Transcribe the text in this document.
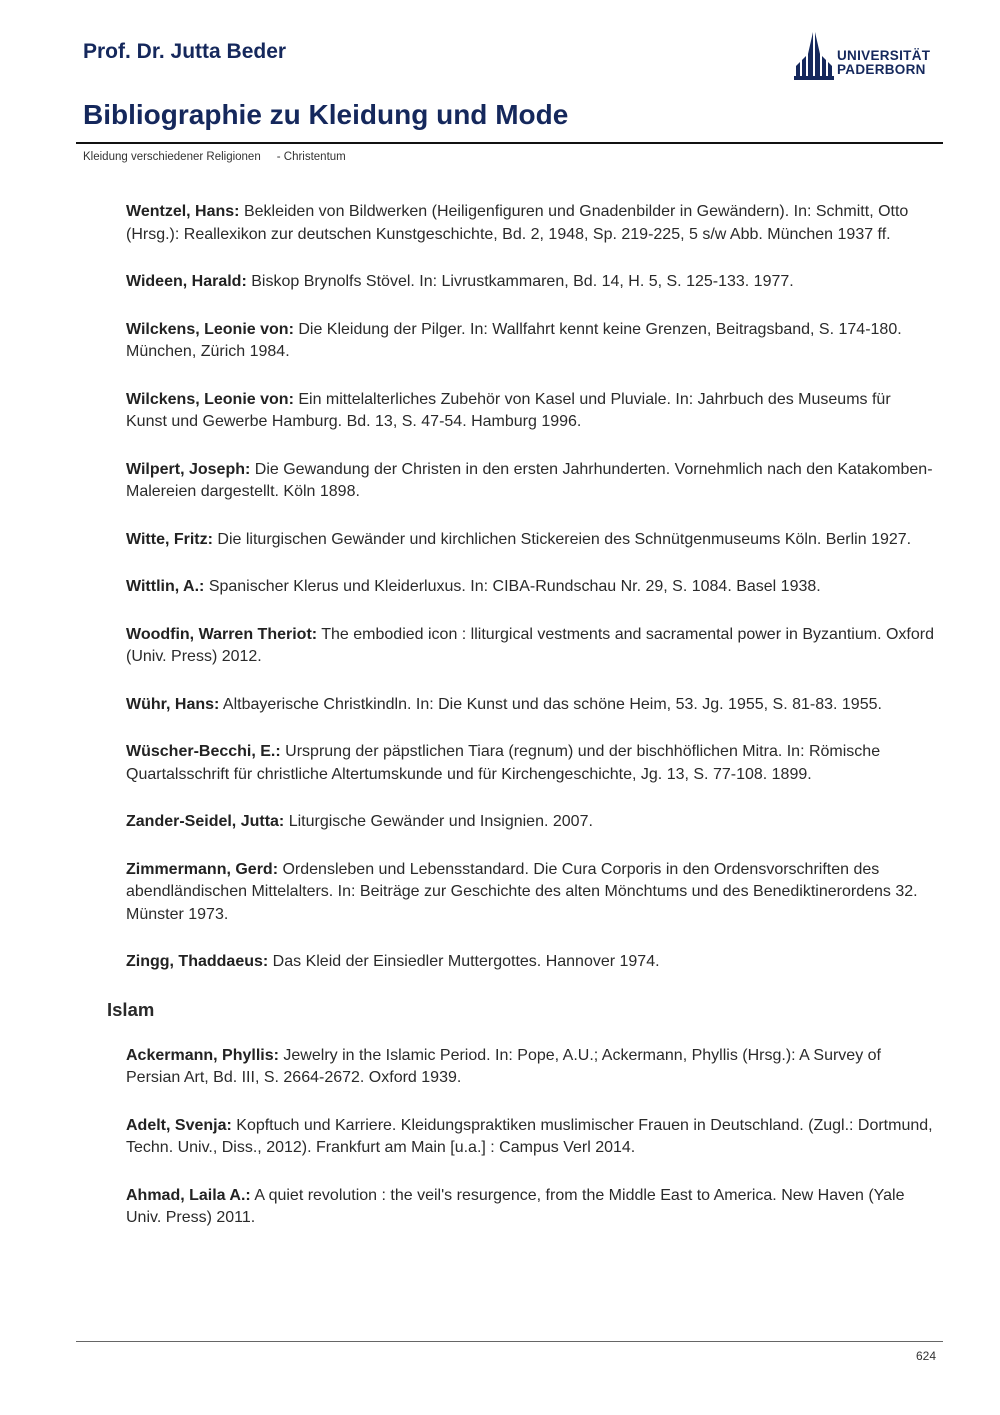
Prof. Dr. Jutta Beder	UNIVERSITÄT
PADERBORN
Bibliographie zu Kleidung und Mode
Kleidung verschiedener Religionen - Christentum
Wentzel, Hans: Bekleiden von Bildwerken (Heiligenfiguren und Gnadenbilder in Gewändern). In: Schmitt, Otto (Hrsg.): Reallexikon zur deutschen Kunstgeschichte, Bd. 2, 1948, Sp. 219-225, 5 s/w Abb. München 1937 ff.
Wideen, Harald: Biskop Brynolfs Stövel. In: Livrustkammaren, Bd. 14, H. 5, S. 125-133. 1977.
Wilckens, Leonie von: Die Kleidung der Pilger. In: Wallfahrt kennt keine Grenzen, Beitragsband, S. 174-180. München, Zürich 1984.
Wilckens, Leonie von: Ein mittelalterliches Zubehör von Kasel und Pluviale. In: Jahrbuch des Museums für Kunst und Gewerbe Hamburg. Bd. 13, S. 47-54. Hamburg 1996.
Wilpert, Joseph: Die Gewandung der Christen in den ersten Jahrhunderten. Vornehmlich nach den Katakomben-Malereien dargestellt. Köln 1898.
Witte, Fritz: Die liturgischen Gewänder und kirchlichen Stickereien des Schnütgenmuseums Köln. Berlin 1927.
Wittlin, A.: Spanischer Klerus und Kleiderluxus. In: CIBA-Rundschau Nr. 29, S. 1084. Basel 1938.
Woodfin, Warren Theriot: The embodied icon : lliturgical vestments and sacramental power in Byzantium. Oxford (Univ. Press) 2012.
Wühr, Hans: Altbayerische Christkindln. In: Die Kunst und das schöne Heim, 53. Jg. 1955, S. 81-83. 1955.
Wüscher-Becchi, E.: Ursprung der päpstlichen Tiara (regnum) und der bischhöflichen Mitra. In: Römische Quartalsschrift für christliche Altertumskunde und für Kirchengeschichte, Jg. 13, S. 77-108. 1899.
Zander-Seidel, Jutta: Liturgische Gewänder und Insignien. 2007.
Zimmermann, Gerd: Ordensleben und Lebensstandard. Die Cura Corporis in den Ordensvorschriften des abendländischen Mittelalters. In: Beiträge zur Geschichte des alten Mönchtums und des Benediktinerordens 32. Münster 1973.
Zingg, Thaddaeus: Das Kleid der Einsiedler Muttergottes. Hannover 1974.
Islam
Ackermann, Phyllis: Jewelry in the Islamic Period. In: Pope, A.U.; Ackermann, Phyllis (Hrsg.): A Survey of Persian Art, Bd. III, S. 2664-2672. Oxford 1939.
Adelt, Svenja: Kopftuch und Karriere. Kleidungspraktiken muslimischer Frauen in Deutschland. (Zugl.: Dortmund, Techn. Univ., Diss., 2012). Frankfurt am Main [u.a.] : Campus Verl 2014.
Ahmad, Laila A.: A quiet revolution : the veil's resurgence, from the Middle East to America. New Haven (Yale Univ. Press) 2011.
624
